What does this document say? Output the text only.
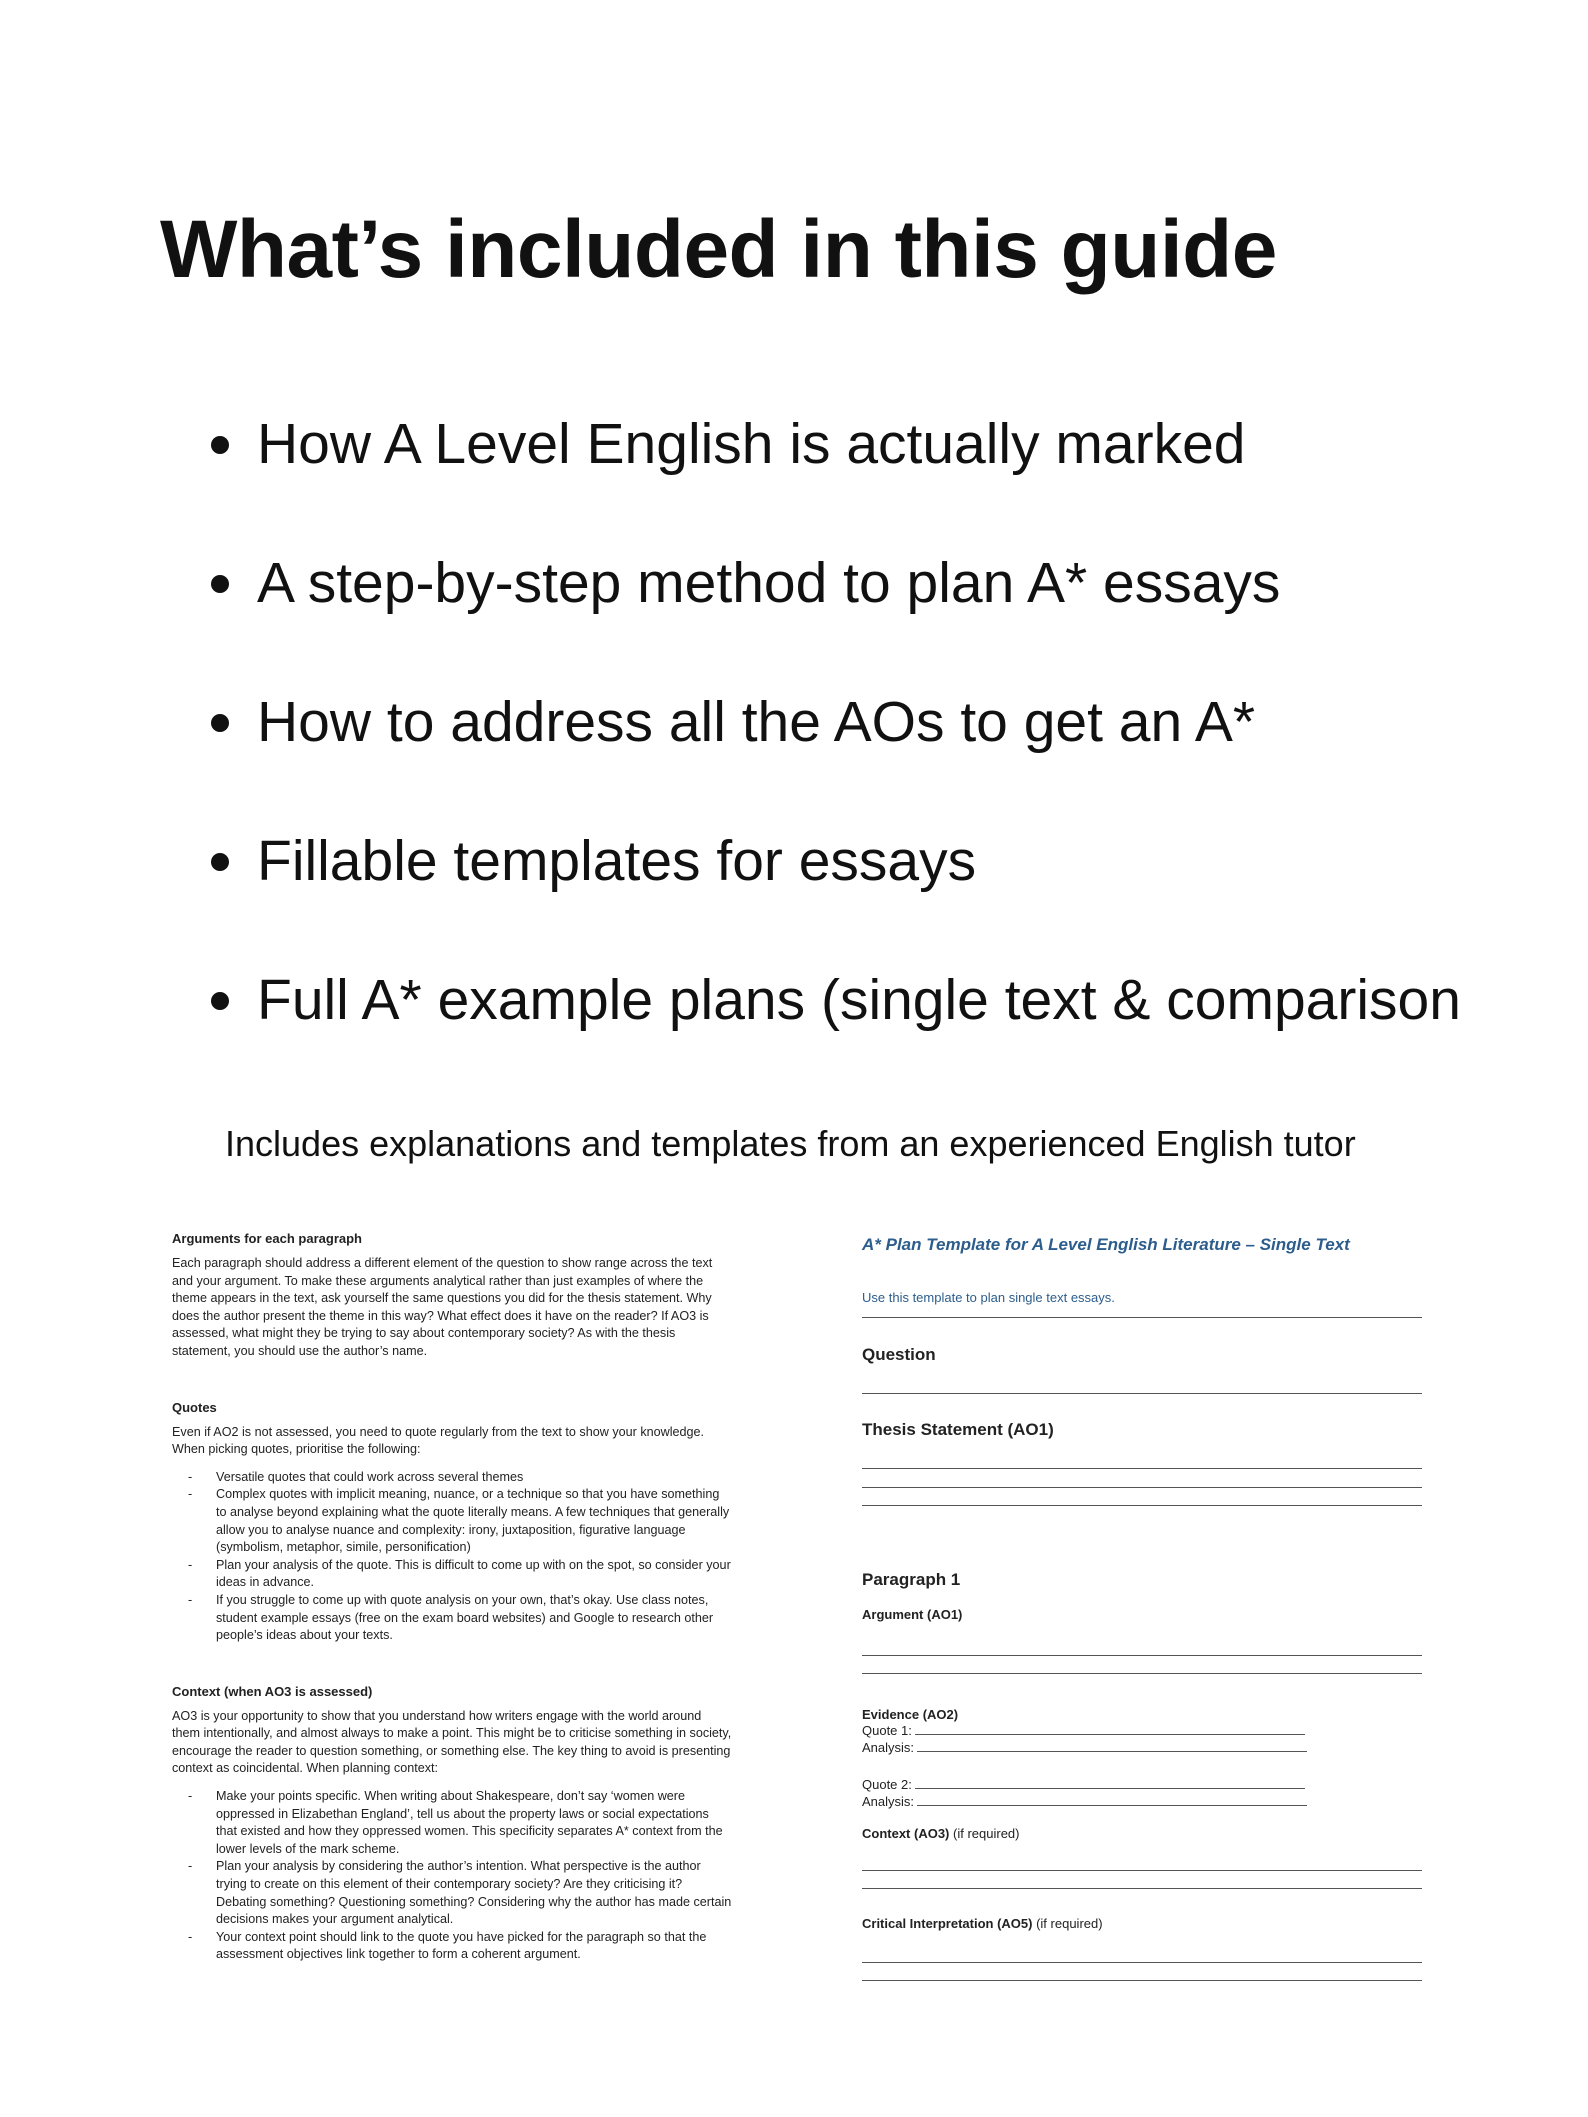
What’s included in this guide
How A Level English is actually marked
A step-by-step method to plan A* essays
How to address all the AOs to get an A*
Fillable templates for essays
Full A* example plans (single text & comparison
Includes explanations and templates from an experienced English tutor
Arguments for each paragraph

Each paragraph should address a different element of the question to show range across the text and your argument. To make these arguments analytical rather than just examples of where the theme appears in the text, ask yourself the same questions you did for the thesis statement. Why does the author present the theme in this way? What effect does it have on the reader? If AO3 is assessed, what might they be trying to say about contemporary society? As with the thesis statement, you should use the author’s name.

Quotes

Even if AO2 is not assessed, you need to quote regularly from the text to show your knowledge. When picking quotes, prioritise the following:

- Versatile quotes that could work across several themes
- Complex quotes with implicit meaning, nuance, or a technique so that you have something to analyse beyond explaining what the quote literally means. A few techniques that generally allow you to analyse nuance and complexity: irony, juxtaposition, figurative language (symbolism, metaphor, simile, personification)
- Plan your analysis of the quote. This is difficult to come up with on the spot, so consider your ideas in advance.
- If you struggle to come up with quote analysis on your own, that’s okay. Use class notes, student example essays (free on the exam board websites) and Google to research other people’s ideas about your texts.
Context (when AO3 is assessed)

AO3 is your opportunity to show that you understand how writers engage with the world around them intentionally, and almost always to make a point. This might be to criticise something in society, encourage the reader to question something, or something else. The key thing to avoid is presenting context as coincidental. When planning context:

- Make your points specific. When writing about Shakespeare, don’t say ‘women were oppressed in Elizabethan England’, tell us about the property laws or social expectations that existed and how they oppressed women. This specificity separates A* context from the lower levels of the mark scheme.
- Plan your analysis by considering the author’s intention. What perspective is the author trying to create on this element of their contemporary society? Are they criticising it? Debating something? Questioning something? Considering why the author has made certain decisions makes your argument analytical.
- Your context point should link to the quote you have picked for the paragraph so that the assessment objectives link together to form a coherent argument.
A* Plan Template for A Level English Literature – Single Text
Use this template to plan single text essays.
Question
Thesis Statement (AO1)
Paragraph 1
Argument (AO1)
Evidence (AO2)
Quote 1:
Analysis:
Quote 2:
Analysis:
Context (AO3) (if required)
Critical Interpretation (AO5) (if required)
